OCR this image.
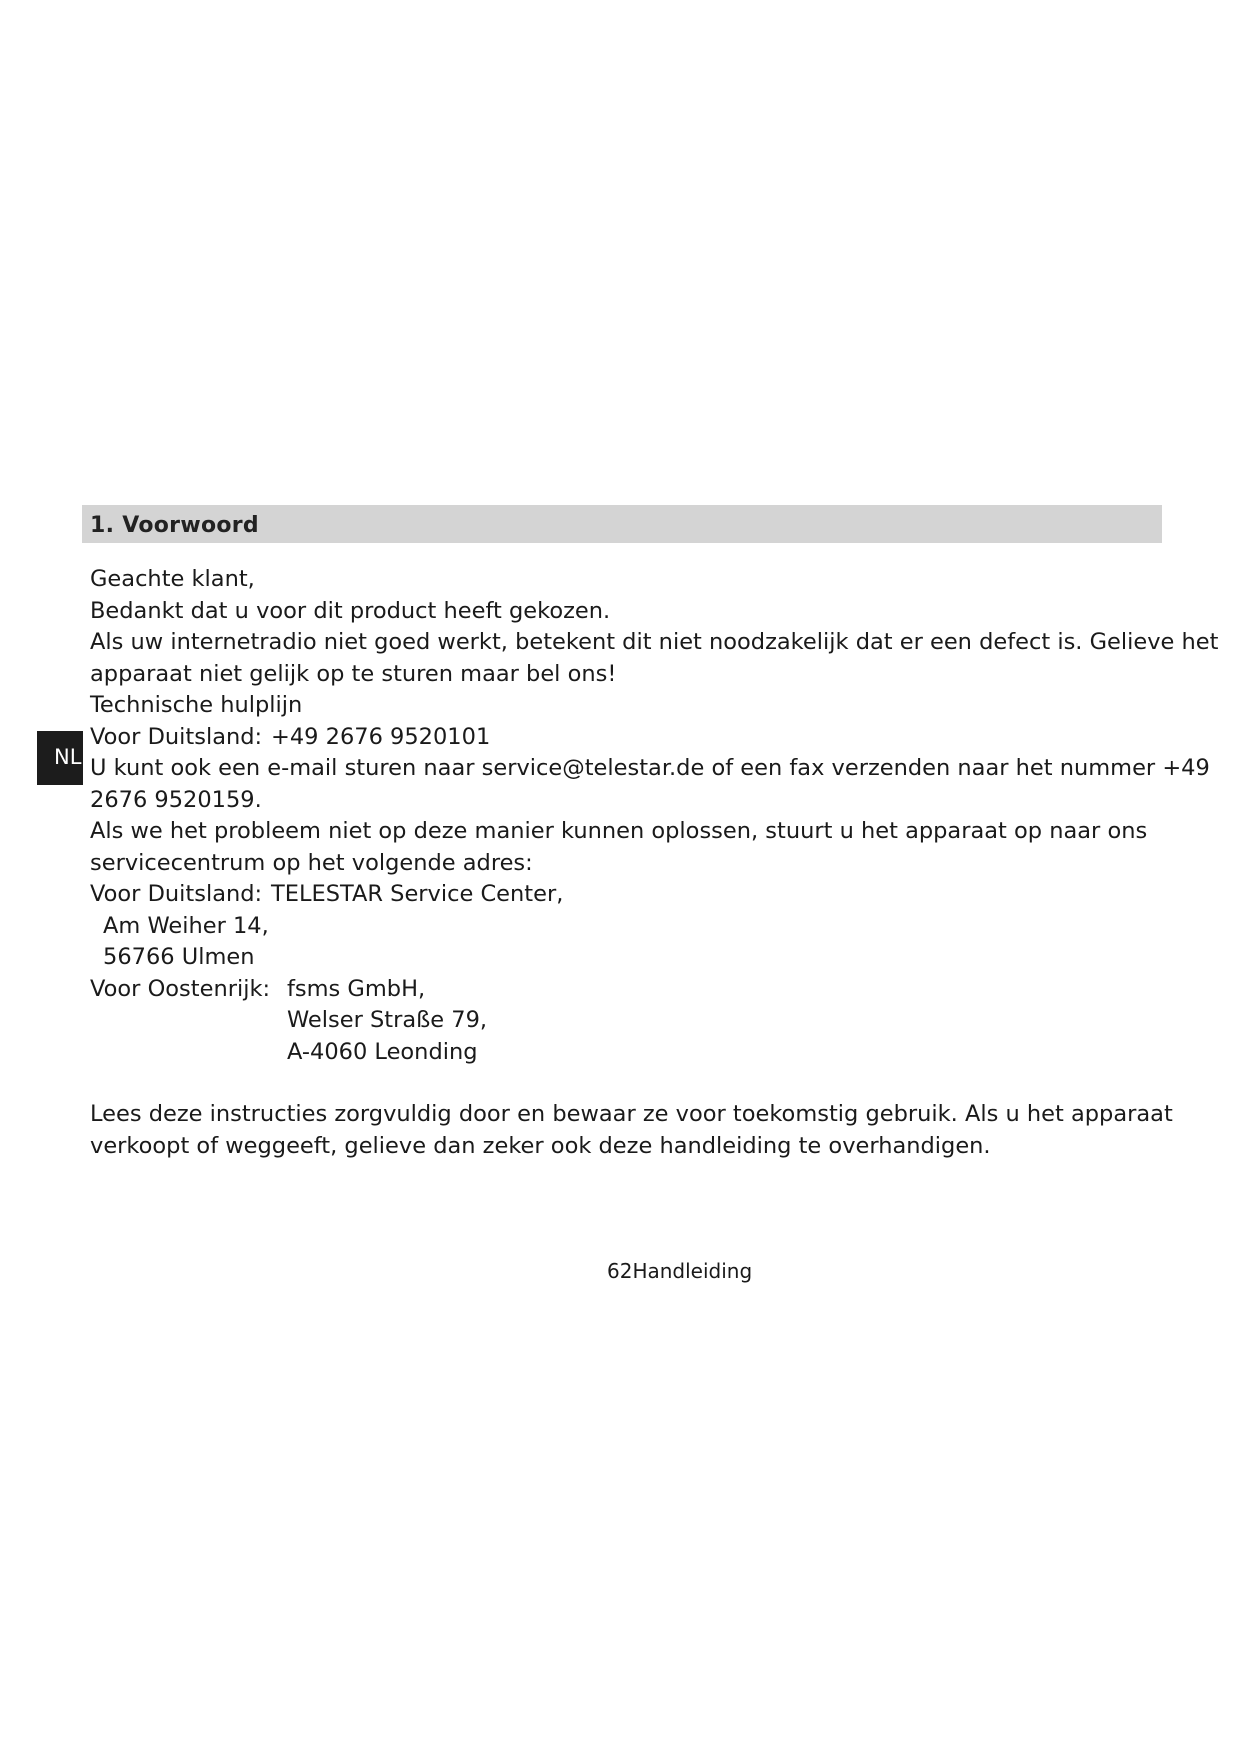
1. Voorwoord
NL
Geachte klant,
Bedankt dat u voor dit product heeft gekozen.
Als uw internetradio niet goed werkt, betekent dit niet noodzakelijk dat er een defect is. Gelieve het
apparaat niet gelijk op te sturen maar bel ons!
Technische hulplijn
Voor Duitsland: +49 2676 9520101
U kunt ook een e-mail sturen naar service@telestar.de of een fax verzenden naar het nummer +49
2676 9520159.
Als we het probleem niet op deze manier kunnen oplossen, stuurt u het apparaat op naar ons
servicecentrum op het volgende adres:
Voor Duitsland: TELESTAR Service Center,
Am Weiher 14,
56766 Ulmen
Voor Oostenrijk: fsms GmbH,
Welser Straße 79,
A-4060 Leonding
Lees deze instructies zorgvuldig door en bewaar ze voor toekomstig gebruik. Als u het apparaat
verkoopt of weggeeft, gelieve dan zeker ook deze handleiding te overhandigen.
62Handleiding
